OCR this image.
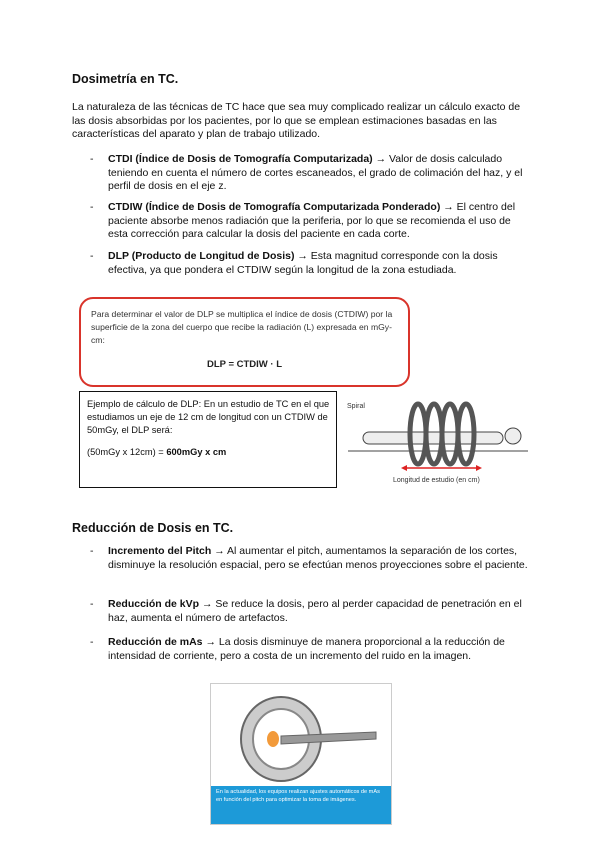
Dosimetría en TC.

La naturaleza de las técnicas de TC hace que sea muy complicado realizar un cálculo exacto de las dosis absorbidas por los pacientes, por lo que se emplean estimaciones basadas en las características del aparato y plan de trabajo utilizado.

- CTDI (Índice de Dosis de Tomografía Computarizada) → Valor de dosis calculado teniendo en cuenta el número de cortes escaneados, el grado de colimación del haz, y el perfil de dosis en el eje z.
- CTDIW (Índice de Dosis de Tomografía Computarizada Ponderado) → El centro del paciente absorbe menos radiación que la periferia, por lo que se recomienda el uso de esta corrección para calcular la dosis del paciente en cada corte.
- DLP (Producto de Longitud de Dosis) → Esta magnitud corresponde con la dosis efectiva, ya que pondera el CTDIW según la longitud de la zona estudiada.
Para determinar el valor de DLP se multiplica el índice de dosis (CTDIW) por la superficie de la zona del cuerpo que recibe la radiación (L) expresada en mGy-cm:
DLP = CTDIW · L
Ejemplo de cálculo de DLP: En un estudio de TC en el que estudiamos un eje de 12 cm de longitud con un CTDIW de 50mGy, el DLP será:
(50mGy x 12cm) = 600mGy x cm
Spiral
Longitud de estudio (en cm)
Reducción de Dosis en TC.
- Incremento del Pitch → Al aumentar el pitch, aumentamos la separación de los cortes, disminuye la resolución espacial, pero se efectúan menos proyecciones sobre el paciente.
- Reducción de kVp → Se reduce la dosis, pero al perder capacidad de penetración en el haz, aumenta el número de artefactos.
- Reducción de mAs → La dosis disminuye de manera proporcional a la reducción de intensidad de corriente, pero a costa de un incremento del ruido en la imagen.
En la actualidad, los equipos realizan ajustes automáticos de mAs en función del pitch para optimizar la toma de imágenes.
